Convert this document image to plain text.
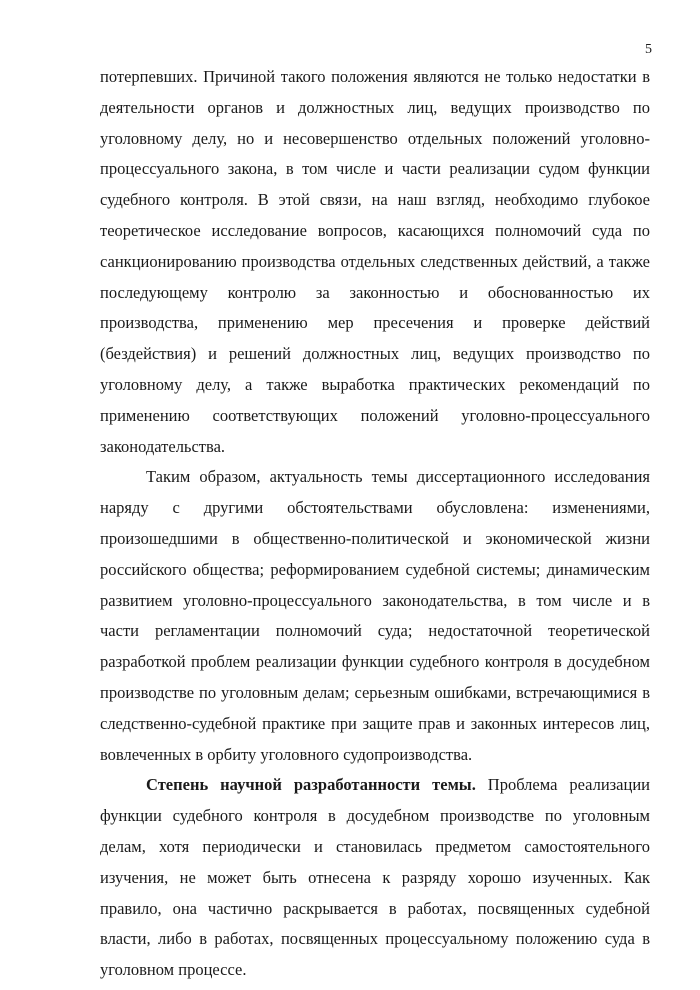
5
потерпевших. Причиной такого положения являются не только недостатки в
деятельности органов и должностных лиц, ведущих производство по
уголовному делу, но и несовершенство отдельных положений уголовно-
процессуального закона, в том числе и части реализации судом функции
судебного контроля. В этой связи, на наш взгляд, необходимо глубокое
теоретическое исследование вопросов, касающихся полномочий суда по
санкционированию производства отдельных следственных действий, а также
последующему контролю за законностью и обоснованностью их
производства, применению мер пресечения и проверке действий
(бездействия) и решений должностных лиц, ведущих производство по
уголовному делу, а также выработка практических рекомендаций по
применению соответствующих положений уголовно-процессуального
законодательства.
Таким образом, актуальность темы диссертационного исследования
наряду с другими обстоятельствами обусловлена: изменениями,
произошедшими в общественно-политической и экономической жизни
российского общества; реформированием судебной системы; динамическим
развитием уголовно-процессуального законодательства, в том числе и в
части регламентации полномочий суда; недостаточной теоретической
разработкой проблем реализации функции судебного контроля в досудебном
производстве по уголовным делам; серьезным ошибками, встречающимися в
следственно-судебной практике при защите прав и законных интересов лиц,
вовлеченных в орбиту уголовного судопроизводства.
Степень научной разработанности темы. Проблема реализации
функции судебного контроля в досудебном производстве по уголовным
делам, хотя периодически и становилась предметом самостоятельного
изучения, не может быть отнесена к разряду хорошо изученных. Как
правило, она частично раскрывается в работах, посвященных судебной
власти, либо в работах, посвященных процессуальному положению суда в
уголовном процессе.
